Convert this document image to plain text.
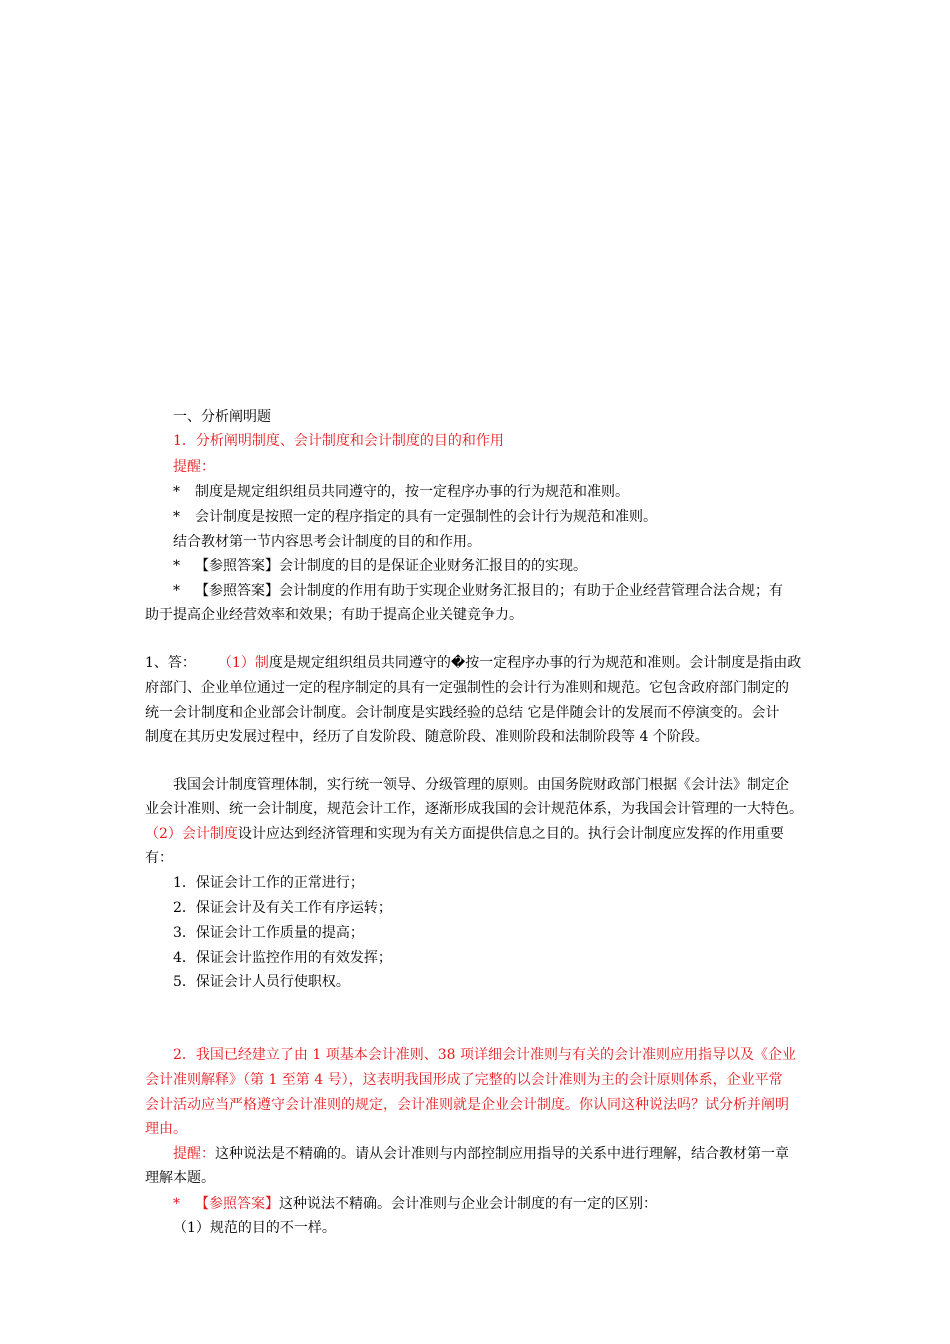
一、分析阐明题
1．分析阐明制度、会计制度和会计制度的目的和作用
提醒：
* 制度是规定组织组员共同遵守的，按一定程序办事的行为规范和准则。
* 会计制度是按照一定的程序指定的具有一定强制性的会计行为规范和准则。
结合教材第一节内容思考会计制度的目的和作用。
* 【参照答案】会计制度的目的是保证企业财务汇报目的的实现。
* 【参照答案】会计制度的作用有助于实现企业财务汇报目的；有助于企业经营管理合法合规；有
助于提高企业经营效率和效果；有助于提高企业关键竞争力。
1、答： （1）制度是规定组织组员共同遵守的�按一定程序办事的行为规范和准则。会计制度是指由政
府部门、企业单位通过一定的程序制定的具有一定强制性的会计行为准则和规范。它包含政府部门制定的
统一会计制度和企业部会计制度。会计制度是实践经验的总结 它是伴随会计的发展而不停演变的。会计
制度在其历史发展过程中，经历了自发阶段、随意阶段、准则阶段和法制阶段等 4 个阶段。
我国会计制度管理体制，实行统一领导、分级管理的原则。由国务院财政部门根据《会计法》制定企
业会计准则、统一会计制度，规范会计工作，逐渐形成我国的会计规范体系，为我国会计管理的一大特色。
（2）会计制度设计应达到经济管理和实现为有关方面提供信息之目的。执行会计制度应发挥的作用重要
有：
1．保证会计工作的正常进行；
2．保证会计及有关工作有序运转；
3．保证会计工作质量的提高；
4．保证会计监控作用的有效发挥；
5．保证会计人员行使职权。
2．我国已经建立了由 1 项基本会计准则、38 项详细会计准则与有关的会计准则应用指导以及《企业
会计准则解释》（第 1 至第 4 号），这表明我国形成了完整的以会计准则为主的会计原则体系，企业平常
会计活动应当严格遵守会计准则的规定，会计准则就是企业会计制度。你认同这种说法吗？试分析并阐明
理由。
提醒：这种说法是不精确的。请从会计准则与内部控制应用指导的关系中进行理解，结合教材第一章
理解本题。
* 【参照答案】这种说法不精确。会计准则与企业会计制度的有一定的区别：
（1）规范的目的不一样。
